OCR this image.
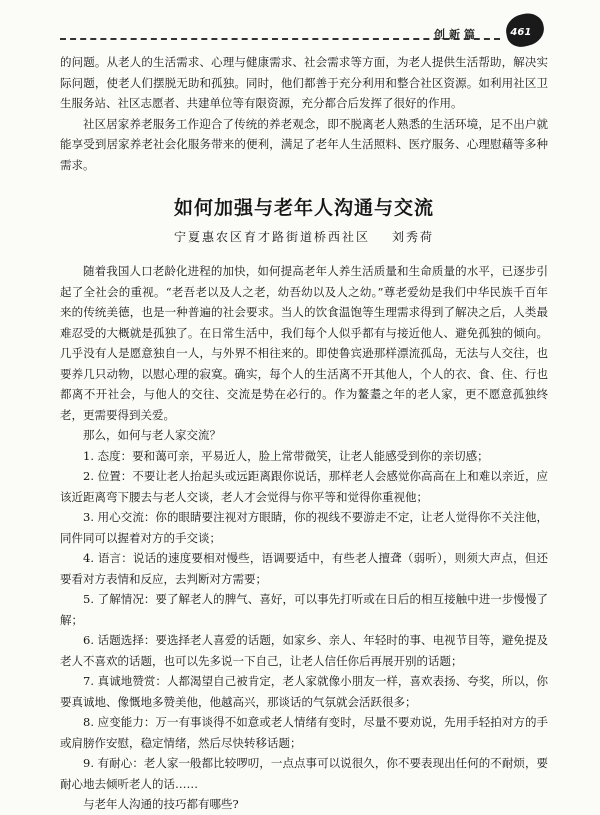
创新篇	461

的问题。从老人的生活需求、心理与健康需求、社会需求等方面，为老人提供生活帮助，解决实际问题，使老人们摆脱无助和孤独。同时，他们都善于充分利用和整合社区资源。如利用社区卫生服务站、社区志愿者、共建单位等有限资源，充分都合后发挥了很好的作用。

社区居家养老服务工作迎合了传统的养老观念，即不脱离老人熟悉的生活环境，足不出户就能享受到居家养老社会化服务带来的便利，满足了老年人生活照料、医疗服务、心理慰藉等多种需求。

如何加强与老年人沟通与交流
宁夏惠农区育才路街道桥西社区 刘秀荷

随着我国人口老龄化进程的加快，如何提高老年人养生活质量和生命质量的水平，已逐步引起了全社会的重视。“老吾老以及人之老，幼吾幼以及人之幼。”尊老爱幼是我们中华民族千百年来的传统美德，也是一种普遍的社会要求。当人的饮食温饱等生理需求得到了解决之后，人类最难忍受的大概就是孤独了。在日常生活中，我们每个人似乎都有与接近他人、避免孤独的倾向。几乎没有人是愿意独自一人，与外界不相往来的。即使鲁宾逊那样漂流孤岛，无法与人交往，也要养几只动物，以慰心理的寂寞。确实，每个人的生活离不开其他人，个人的衣、食、住、行也都离不开社会，与他人的交往、交流是势在必行的。作为鳌耋之年的老人家，更不愿意孤独终老，更需要得到关爱。

那么，如何与老人家交流？

1. 态度：要和蔼可亲，平易近人，脸上常带微笑，让老人能感受到你的亲切感；

2. 位置：不要让老人抬起头或远距离跟你说话，那样老人会感觉你高高在上和难以亲近，应该近距离弯下腰去与老人交谈，老人才会觉得与你平等和觉得你重视他；

3. 用心交流：你的眼睛要注视对方眼睛，你的视线不要游走不定，让老人觉得你不关注他，同件同可以握着对方的手交谈；

4. 语言：说话的速度要相对慢些，语调要适中，有些老人擅聋（弱听），则须大声点，但还要看对方表情和反应，去判断对方需要；

5. 了解情况：要了解老人的脾气、喜好，可以事先打听或在日后的相互接触中进一步慢慢了解；

6. 话题选择：要选择老人喜爱的话题，如家乡、亲人、年轻时的事、电视节目等，避免提及老人不喜欢的话题，也可以先多说一下自己，让老人信任你后再展开别的话题；

7. 真诚地赞赏：人都渴望自己被肯定，老人家就像小朋友一样，喜欢表扬、夸奖，所以，你要真诚地、像慨地多赞美他，他越高兴，那谈话的气氛就会活跃很多；

8. 应变能力：万一有事谈得不如意或老人情绪有变时，尽量不要劝说，先用手轻拍对方的手或肩膀作安慰，稳定情绪，然后尽快转移话题；

9. 有耐心：老人家一般都比较啰叨，一点点事可以说很久，你不要表现出任何的不耐烦，要耐心地去倾听老人的话……

与老年人沟通的技巧都有哪些?
